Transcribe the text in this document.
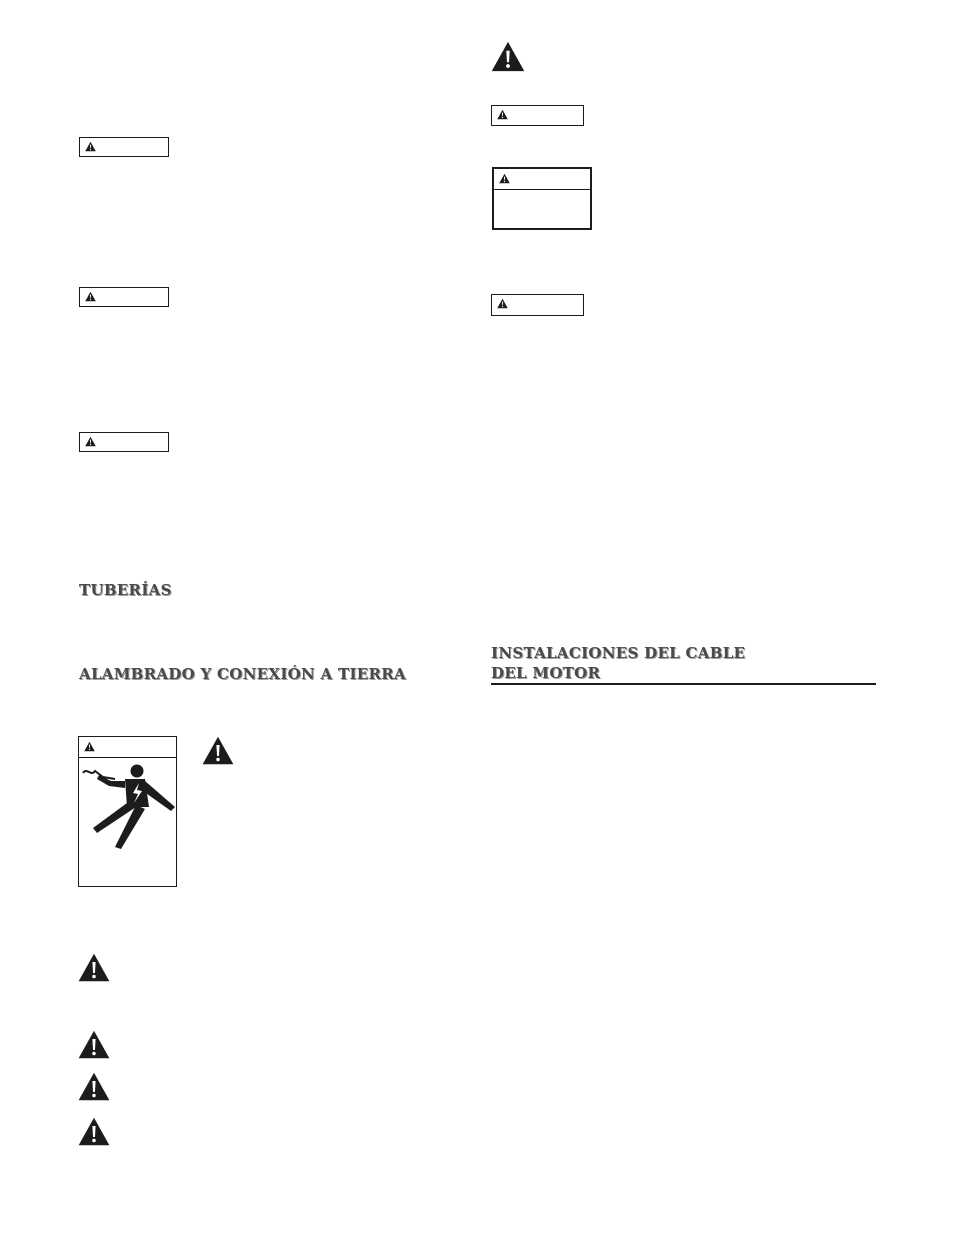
TUBERÍAS
ALAMBRADO Y CONEXIÓN A TIERRA
INSTALACIONES DEL CABLE
DEL MOTOR
